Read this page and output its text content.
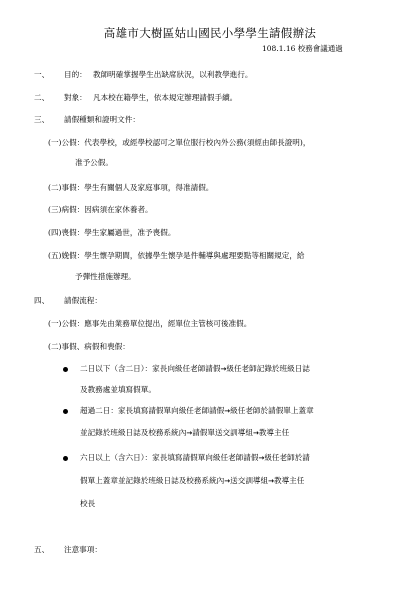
高雄市大樹區姑山國民小學學生請假辦法
108.1.16 校務會議通過
一、 目的： 教師明確掌握學生出缺席狀況，以利教學進行。
二、 對象： 凡本校在籍學生，依本規定辦理請假手續。
三、 請假種類和證明文件：
(一)公假：代表學校，或經學校認可之單位服行校內外公務(須經由師長證明)，
准予公假。
(二)事假：學生有關個人及家庭事項，得准請假。
(三)病假：因病須在家休養者。
(四)喪假：學生家屬過世，准予喪假。
(五)娩假：學生懷孕期間，依據學生懷孕是件輔導與處理要點等相關規定，給
予彈性措施辦理。
四、 請假流程：
(一)公假：應事先由業務單位提出，經單位主管核可後准假。
(二)事假、病假和喪假：
二日以下（含二日）：家長向級任老師請假→級任老師記錄於班級日誌
及教務處並填寫假單。
超過二日：家長填寫請假單向級任老師請假→級任老師於請假單上蓋章
並記錄於班級日誌及校務系統內→請假單送交訓導組→教導主任
六日以上（含六日）：家長填寫請假單向級任老師請假→級任老師於請
假單上蓋章並記錄於班級日誌及校務系統內→送交訓導組→教導主任
校長
五、 注意事項：
